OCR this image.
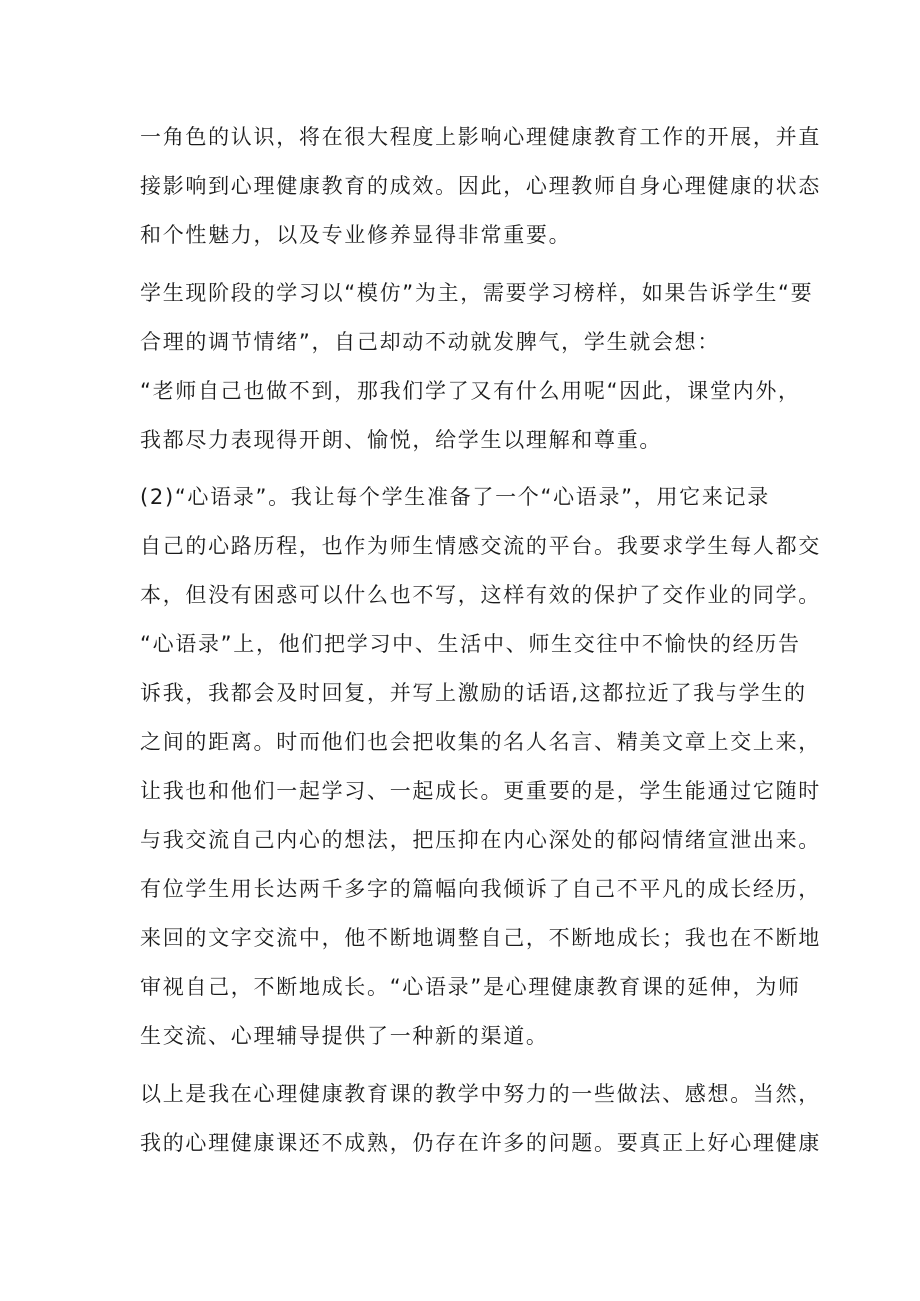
一角色的认识，将在很大程度上影响心理健康教育工作的开展，并直

接影响到心理健康教育的成效。因此，心理教师自身心理健康的状态

和个性魅力，以及专业修养显得非常重要。

学生现阶段的学习以“模仿”为主，需要学习榜样，如果告诉学生“要

合理的调节情绪”，自己却动不动就发脾气，学生就会想：

“老师自己也做不到，那我们学了又有什么用呢“因此，课堂内外，

我都尽力表现得开朗、愉悦，给学生以理解和尊重。

(2)“心语录”。我让每个学生准备了一个“心语录”，用它来记录

自己的心路历程，也作为师生情感交流的平台。我要求学生每人都交

本，但没有困惑可以什么也不写，这样有效的保护了交作业的同学。

“心语录”上，他们把学习中、生活中、师生交往中不愉快的经历告

诉我，我都会及时回复，并写上激励的话语,这都拉近了我与学生的

之间的距离。时而他们也会把收集的名人名言、精美文章上交上来，

让我也和他们一起学习、一起成长。更重要的是，学生能通过它随时

与我交流自己内心的想法，把压抑在内心深处的郁闷情绪宣泄出来。

有位学生用长达两千多字的篇幅向我倾诉了自己不平凡的成长经历，

来回的文字交流中，他不断地调整自己，不断地成长；我也在不断地

审视自己，不断地成长。“心语录”是心理健康教育课的延伸，为师

生交流、心理辅导提供了一种新的渠道。

以上是我在心理健康教育课的教学中努力的一些做法、感想。当然，

我的心理健康课还不成熟，仍存在许多的问题。要真正上好心理健康
